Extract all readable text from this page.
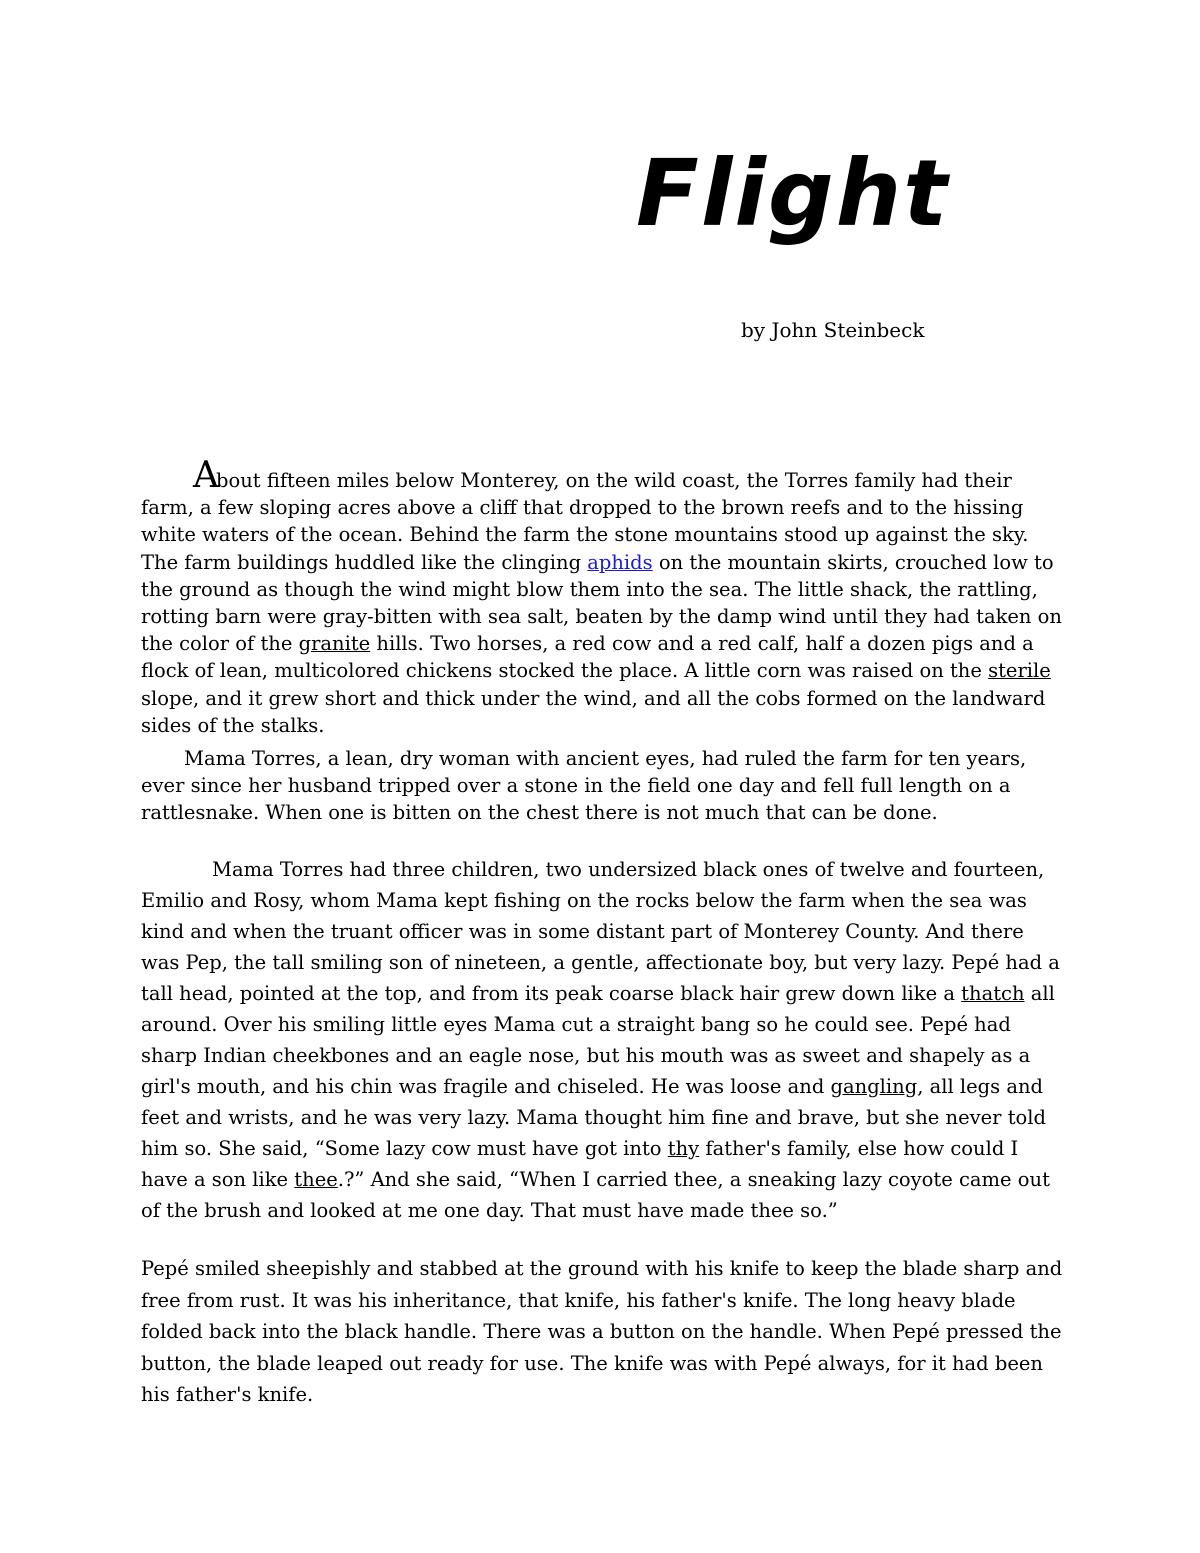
Flight

by John Steinbeck

About fifteen miles below Monterey, on the wild coast, the Torres family had their farm, a few sloping acres above a cliff that dropped to the brown reefs and to the hissing white waters of the ocean. Behind the farm the stone mountains stood up against the sky. The farm buildings huddled like the clinging aphids on the mountain skirts, crouched low to the ground as though the wind might blow them into the sea. The little shack, the rattling, rotting barn were gray-bitten with sea salt, beaten by the damp wind until they had taken on the color of the granite hills. Two horses, a red cow and a red calf, half a dozen pigs and a flock of lean, multicolored chickens stocked the place. A little corn was raised on the sterile slope, and it grew short and thick under the wind, and all the cobs formed on the landward sides of the stalks.

Mama Torres, a lean, dry woman with ancient eyes, had ruled the farm for ten years, ever since her husband tripped over a stone in the field one day and fell full length on a rattlesnake. When one is bitten on the chest there is not much that can be done.

Mama Torres had three children, two undersized black ones of twelve and fourteen, Emilio and Rosy, whom Mama kept fishing on the rocks below the farm when the sea was kind and when the truant officer was in some distant part of Monterey County. And there was Pep, the tall smiling son of nineteen, a gentle, affectionate boy, but very lazy. Pepé had a tall head, pointed at the top, and from its peak coarse black hair grew down like a thatch all around. Over his smiling little eyes Mama cut a straight bang so he could see. Pepé had sharp Indian cheekbones and an eagle nose, but his mouth was as sweet and shapely as a girl's mouth, and his chin was fragile and chiseled. He was loose and gangling, all legs and feet and wrists, and he was very lazy. Mama thought him fine and brave, but she never told him so. She said, “Some lazy cow must have got into thy father's family, else how could I have a son like thee.?” And she said, “When I carried thee, a sneaking lazy coyote came out of the brush and looked at me one day. That must have made thee so.”

Pepé smiled sheepishly and stabbed at the ground with his knife to keep the blade sharp and free from rust. It was his inheritance, that knife, his father's knife. The long heavy blade folded back into the black handle. There was a button on the handle. When Pepé pressed the button, the blade leaped out ready for use. The knife was with Pepé always, for it had been his father's knife.
